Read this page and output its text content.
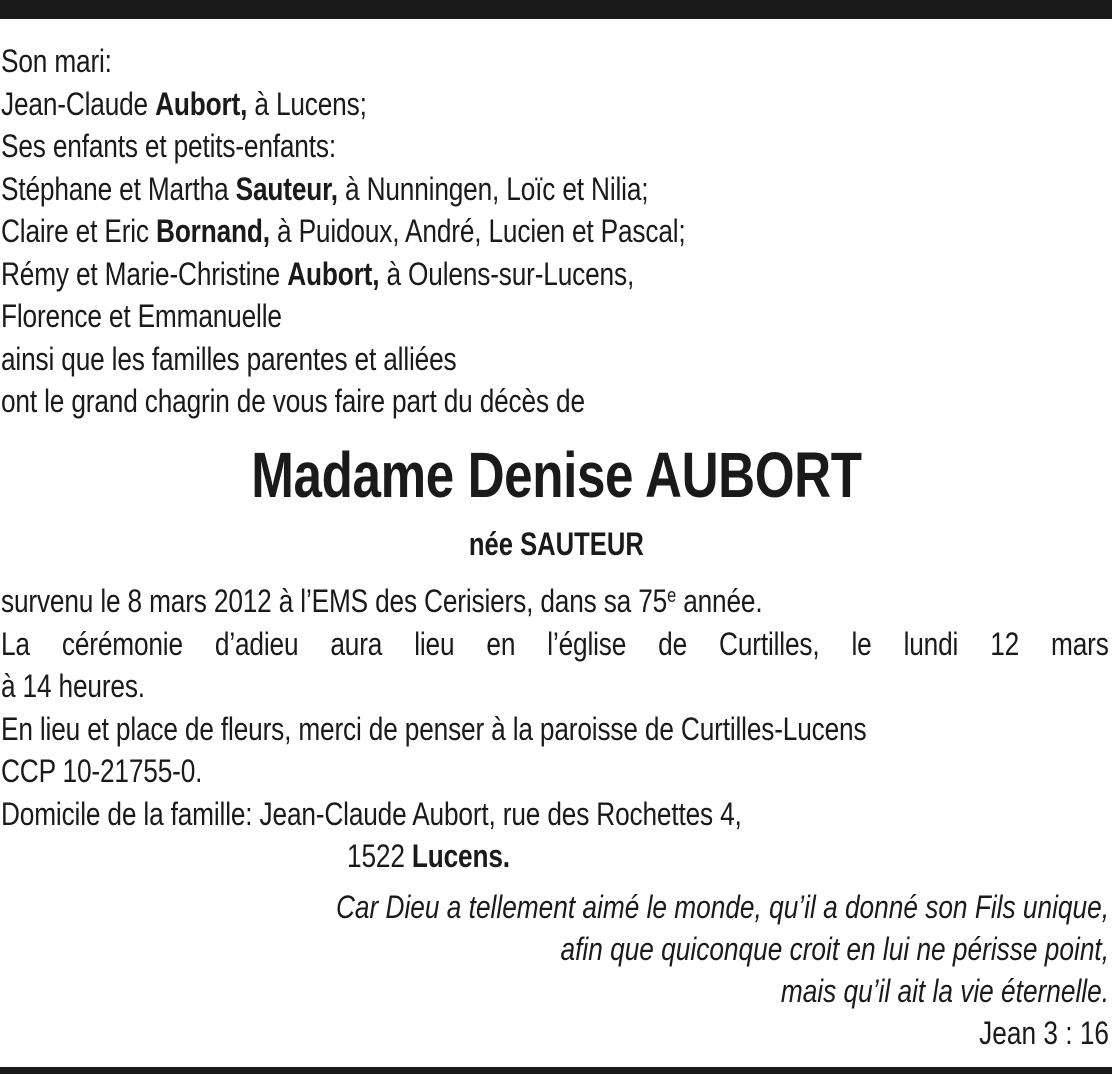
Son mari:
Jean-Claude Aubort, à Lucens;
Ses enfants et petits-enfants:
Stéphane et Martha Sauteur, à Nunningen, Loïc et Nilia;
Claire et Eric Bornand, à Puidoux, André, Lucien et Pascal;
Rémy et Marie-Christine Aubort, à Oulens-sur-Lucens,
Florence et Emmanuelle
ainsi que les familles parentes et alliées
ont le grand chagrin de vous faire part du décès de
Madame Denise AUBORT
née SAUTEUR
survenu le 8 mars 2012 à l’EMS des Cerisiers, dans sa 75e année.
La cérémonie d’adieu aura lieu en l’église de Curtilles, le lundi 12 mars
à 14 heures.
En lieu et place de fleurs, merci de penser à la paroisse de Curtilles-Lucens
CCP 10-21755-0.
Domicile de la famille: Jean-Claude Aubort, rue des Rochettes 4,
1522 Lucens.
Car Dieu a tellement aimé le monde, qu’il a donné son Fils unique,
afin que quiconque croit en lui ne périsse point,
mais qu’il ait la vie éternelle.
Jean 3 : 16
